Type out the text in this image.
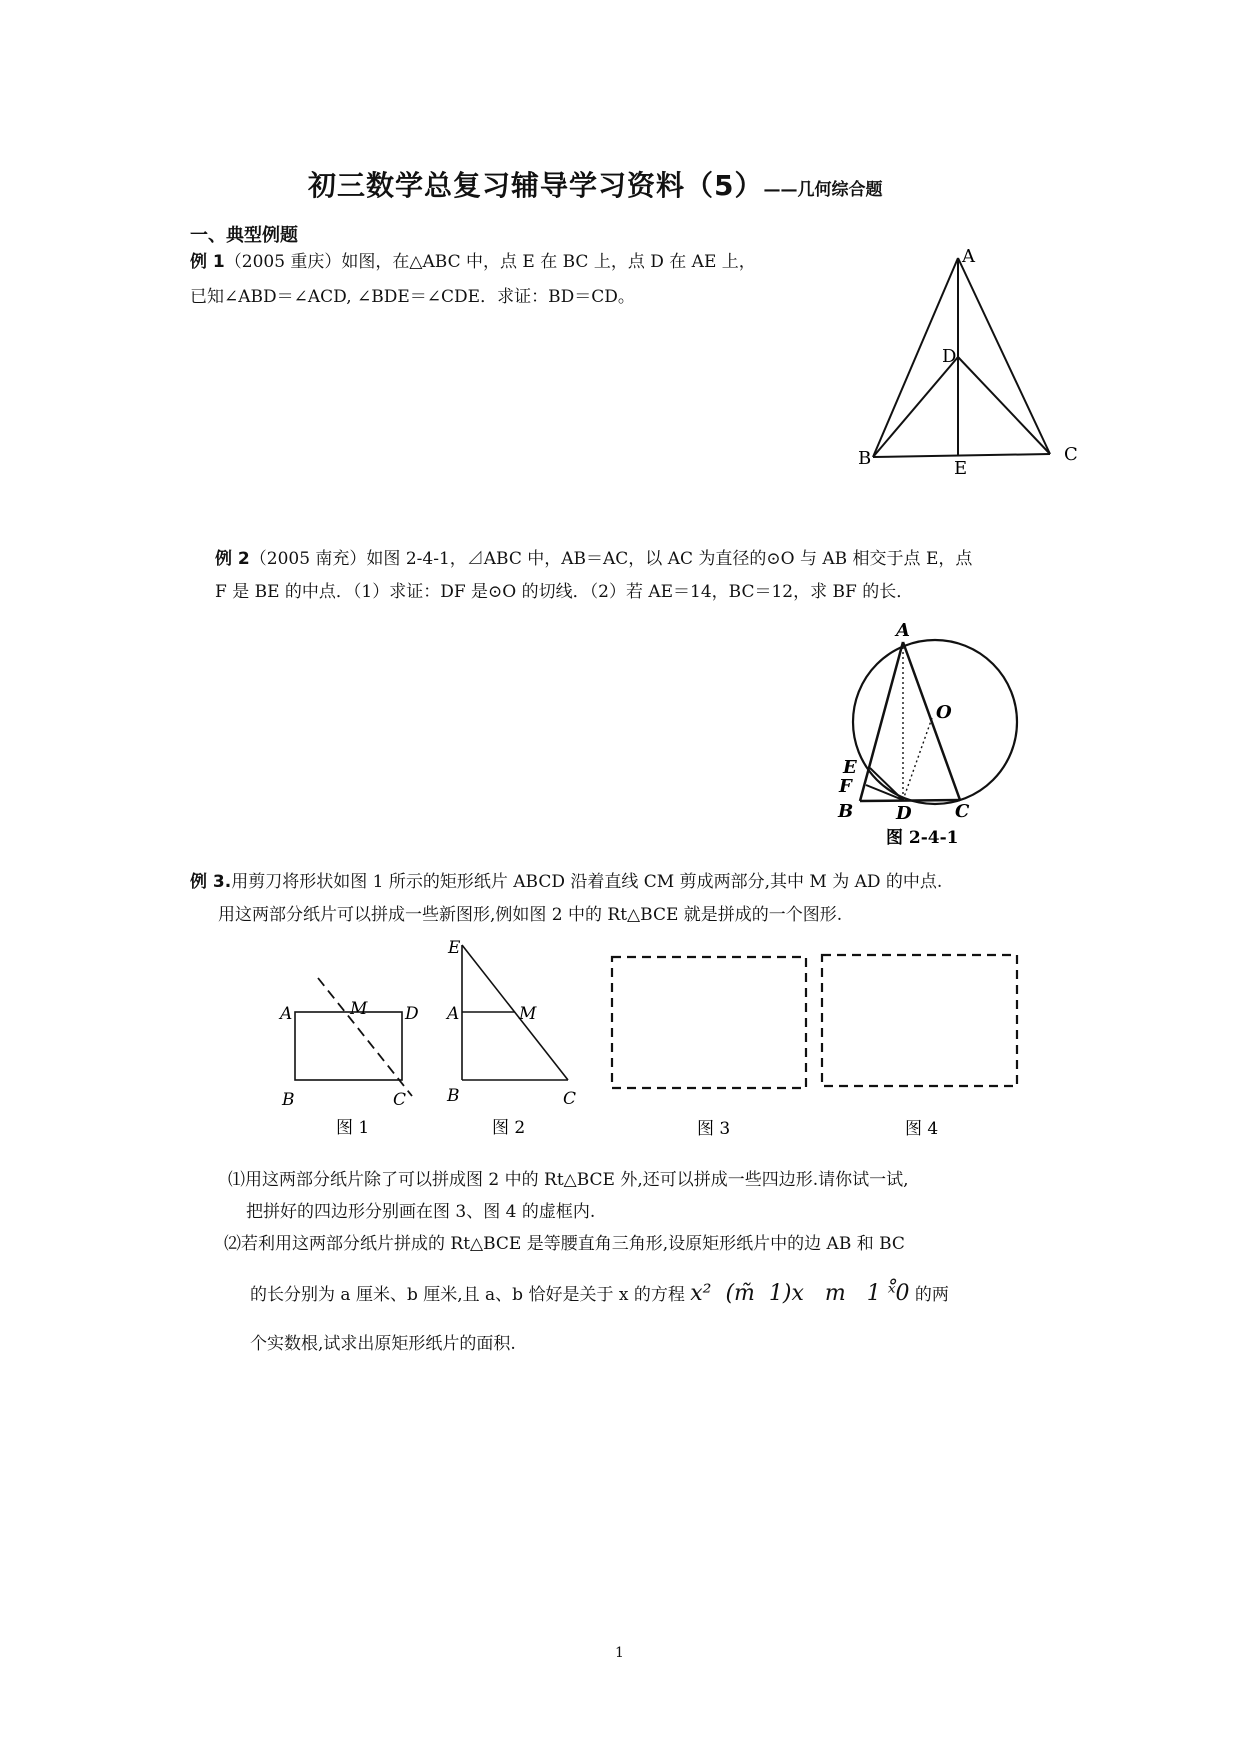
初三数学总复习辅导学习资料（5）——几何综合题
一、典型例题
例 1（2005 重庆）如图，在△ABC 中，点 E 在 BC 上，点 D 在 AE 上，
已知∠ABD＝∠ACD, ∠BDE＝∠CDE．求证：BD＝CD。
A
B	C
D
E
例 2（2005 南充）如图 2-4-1，⊿ABC 中，AB＝AC，以 AC 为直径的⊙O 与 AB 相交于点 E，点
F 是 BE 的中点．（1）求证：DF 是⊙O 的切线．（2）若 AE＝14，BC＝12，求 BF 的长．
A
O
E
F
B D C
图 2-4-1
例 3.用剪刀将形状如图 1 所示的矩形纸片 ABCD 沿着直线 CM 剪成两部分,其中 M 为 AD 的中点.
用这两部分纸片可以拼成一些新图形,例如图 2 中的 Rt△BCE 就是拼成的一个图形.
A	M D
B	C
图 1
E
A	M
B	C
图 2	图 3	图 4
⑴用这两部分纸片除了可以拼成图 2 中的 Rt△BCE 外,还可以拼成一些四边形.请你试一试,
把拼好的四边形分别画在图 3、图 4 的虚框内.
⑵若利用这两部分纸片拼成的 Rt△BCE 是等腰直角三角形,设原矩形纸片中的边 AB 和 BC
的长分别为 a 厘米、b 厘米,且 a、b 恰好是关于 x 的方程 x²  (m̃  1)x   m   1 ˣ̊0 的两
个实数根,试求出原矩形纸片的面积.
1
